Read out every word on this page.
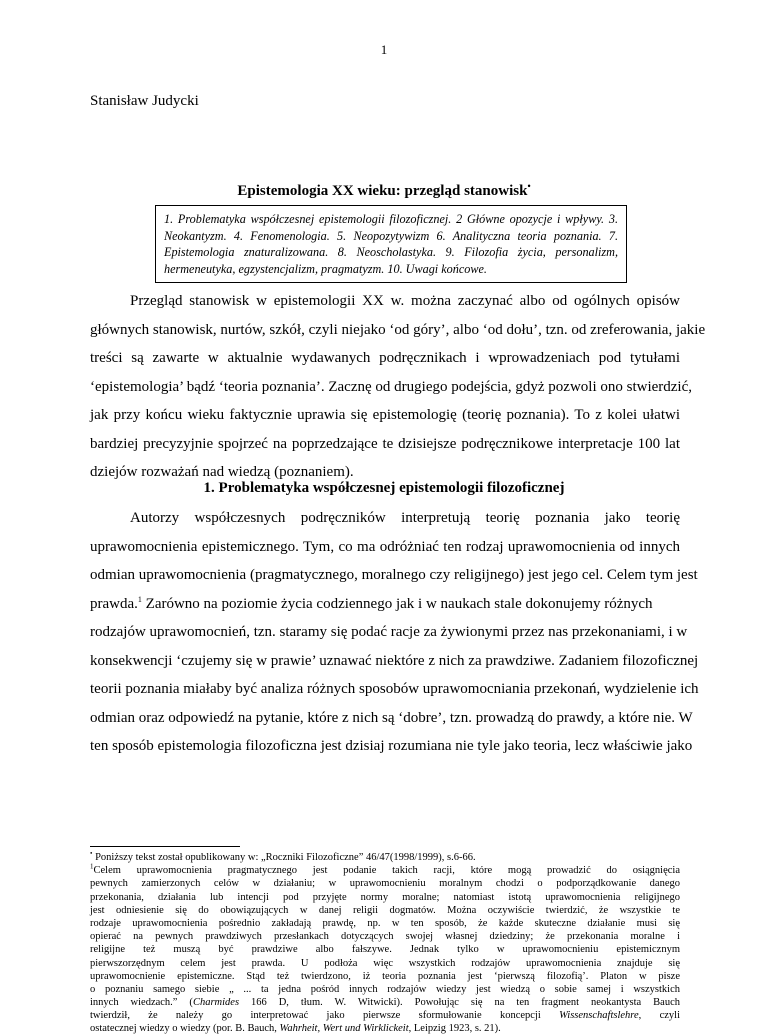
1
Stanisław Judycki
Epistemologia XX wieku: przegląd stanowisk•
1. Problematyka współczesnej epistemologii filozoficznej. 2 Główne opozycje i wpływy. 3. Neokantyzm. 4. Fenomenologia. 5. Neopozytywizm 6. Analityczna teoria poznania. 7. Epistemologia znaturalizowana. 8. Neoscholastyka. 9. Filozofia życia, personalizm, hermeneutyka, egzystencjalizm, pragmatyzm. 10. Uwagi końcowe.
Przegląd stanowisk w epistemologii XX w. można zaczynać albo od ogólnych opisów
głównych stanowisk, nurtów, szkół, czyli niejako ‘od góry’, albo ‘od dołu’, tzn. od zreferowania, jakie
treści są zawarte w aktualnie wydawanych podręcznikach i wprowadzeniach pod tytułami
‘epistemologia’ bądź ‘teoria poznania’. Zacznę od drugiego podejścia, gdyż pozwoli ono stwierdzić,
jak przy końcu wieku faktycznie uprawia się epistemologię (teorię poznania). To z kolei ułatwi
bardziej precyzyjnie spojrzeć na poprzedzające te dzisiejsze podręcznikowe interpretacje 100 lat
dziejów rozważań nad wiedzą (poznaniem).
1. Problematyka współczesnej epistemologii filozoficznej
Autorzy współczesnych podręczników interpretują teorię poznania jako teorię
uprawomocnienia epistemicznego. Tym, co ma odróżniać ten rodzaj uprawomocnienia od innych
odmian uprawomocnienia (pragmatycznego, moralnego czy religijnego) jest jego cel. Celem tym jest
prawda.$^1$ Zarówno na poziomie życia codziennego jak i w naukach stale dokonujemy różnych
rodzajów uprawomocnień, tzn. staramy się podać racje za żywionymi przez nas przekonaniami, i w
konsekwencji ‘czujemy się w prawie’ uznawać niektóre z nich za prawdziwe. Zadaniem filozoficznej
teorii poznania miałaby być analiza różnych sposobów uprawomocniania przekonań, wydzielenie ich
odmian oraz odpowiedź na pytanie, które z nich są ‘dobre’, tzn. prowadzą do prawdy, a które nie. W
ten sposób epistemologia filozoficzna jest dzisiaj rozumiana nie tyle jako teoria, lecz właściwie jako
• Poniższy tekst został opublikowany w: „Roczniki Filozoficzne” 46/47(1998/1999), s.6-66.
$^1$Celem uprawomocnienia pragmatycznego jest podanie takich racji, które mogą prowadzić do osiągnięcia
pewnych zamierzonych celów w działaniu; w uprawomocnieniu moralnym chodzi o podporządkowanie danego
przekonania, działania lub intencji pod przyjęte normy moralne; natomiast istotą uprawomocnienia religijnego
jest odniesienie się do obowiązujących w danej religii dogmatów. Można oczywiście twierdzić, że wszystkie te
rodzaje uprawomocnienia pośrednio zakładają prawdę, np. w ten sposób, że każde skuteczne działanie musi się
opierać na pewnych prawdziwych przesłankach dotyczących swojej własnej dziedziny; że przekonania moralne i
religijne też muszą być prawdziwe albo fałszywe. Jednak tylko w uprawomocnieniu epistemicznym
pierwszorzędnym celem jest prawda. U podłoża więc wszystkich rodzajów uprawomocnienia znajduje się
uprawomocnienie epistemiczne. Stąd też twierdzono, iż teoria poznania jest ‘pierwszą filozofią’. Platon w pisze
o poznaniu samego siebie „ ... ta jedna pośród innych rodzajów wiedzy jest wiedzą o sobie samej i wszystkich
innych wiedzach.” (Charmides 166 D, tłum. W. Witwicki). Powołując się na ten fragment neokantysta Bauch
twierdził, że należy go interpretować jako pierwsze sformułowanie koncepcji Wissenschaftslehre, czyli
ostatecznej wiedzy o wiedzy (por. B. Bauch, Wahrheit, Wert und Wirklickeit, Leipzig 1923, s. 21).
